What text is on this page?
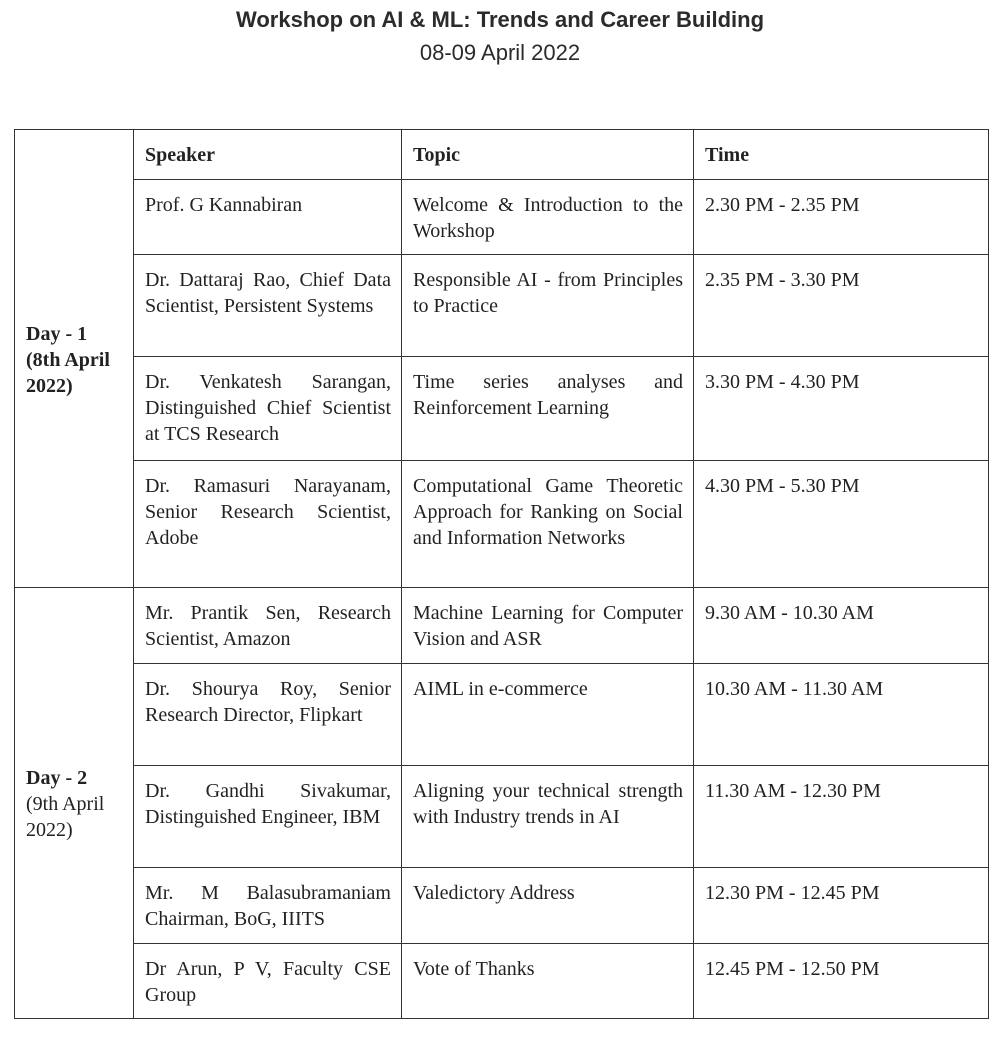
Workshop on AI & ML: Trends and Career Building
08-09 April 2022
Day - 1
(8th April 2022)	Speaker	Topic	Time
	Prof. G Kannabiran	Welcome & Introduction to the Workshop	2.30 PM - 2.35 PM
	Dr. Dattaraj Rao, Chief Data Scientist, Persistent Systems	Responsible AI - from Principles to Practice	2.35 PM - 3.30 PM
	Dr. Venkatesh Sarangan, Distinguished Chief Scientist at TCS Research	Time series analyses and Reinforcement Learning	3.30 PM - 4.30 PM
	Dr. Ramasuri Narayanam, Senior Research Scientist, Adobe	Computational Game Theoretic Approach for Ranking on Social and Information Networks	4.30 PM - 5.30 PM

Day - 2
(9th April 2022)	Mr. Prantik Sen, Research Scientist, Amazon	Machine Learning for Computer Vision and ASR	9.30 AM - 10.30 AM
	Dr. Shourya Roy, Senior Research Director, Flipkart	AIML in e-commerce	10.30 AM - 11.30 AM
	Dr. Gandhi Sivakumar, Distinguished Engineer, IBM	Aligning your technical strength with Industry trends in AI	11.30 AM - 12.30 PM
	Mr. M Balasubramaniam Chairman, BoG, IIITS	Valedictory Address	12.30 PM - 12.45 PM
	Dr Arun, P V, Faculty CSE Group	Vote of Thanks	12.45 PM - 12.50 PM
